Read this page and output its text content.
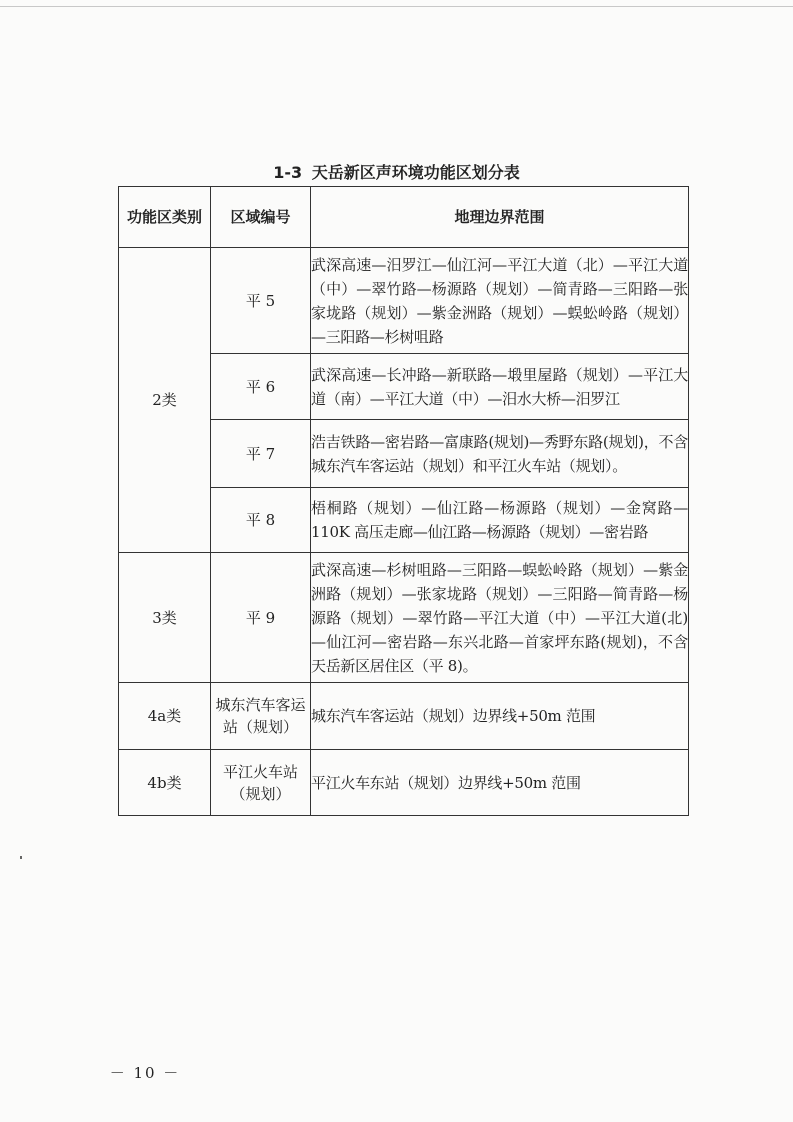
1-3 天岳新区声环境功能区划分表
功能区类别	区域编号	地理边界范围
2类	平 5	武深高速—汨罗江—仙江河—平江大道（北）—平江大道（中）—翠竹路—杨源路（规划）—简青路—三阳路—张家垅路（规划）—紫金洲路（规划）—蜈蚣岭路（规划）—三阳路—杉树咀路
	平 6	武深高速—长冲路—新联路—塅里屋路（规划）—平江大道（南）—平江大道（中）—汨水大桥—汨罗江
	平 7	浩吉铁路—密岩路—富康路(规划)—秀野东路(规划)，不含城东汽车客运站（规划）和平江火车站（规划）。
	平 8	梧桐路（规划）—仙江路—杨源路（规划）—金窝路—110K 高压走廊—仙江路—杨源路（规划）—密岩路
3类	平 9	武深高速—杉树咀路—三阳路—蜈蚣岭路（规划）—紫金洲路（规划）—张家垅路（规划）—三阳路—简青路—杨源路（规划）—翠竹路—平江大道（中）—平江大道(北)—仙江河—密岩路—东兴北路—首家坪东路(规划)，不含天岳新区居住区（平 8)。
4a类	城东汽车客运站（规划）	城东汽车客运站（规划）边界线+50m 范围
4b类	平江火车站（规划）	平江火车东站（规划）边界线+50m 范围
－ 10 －
